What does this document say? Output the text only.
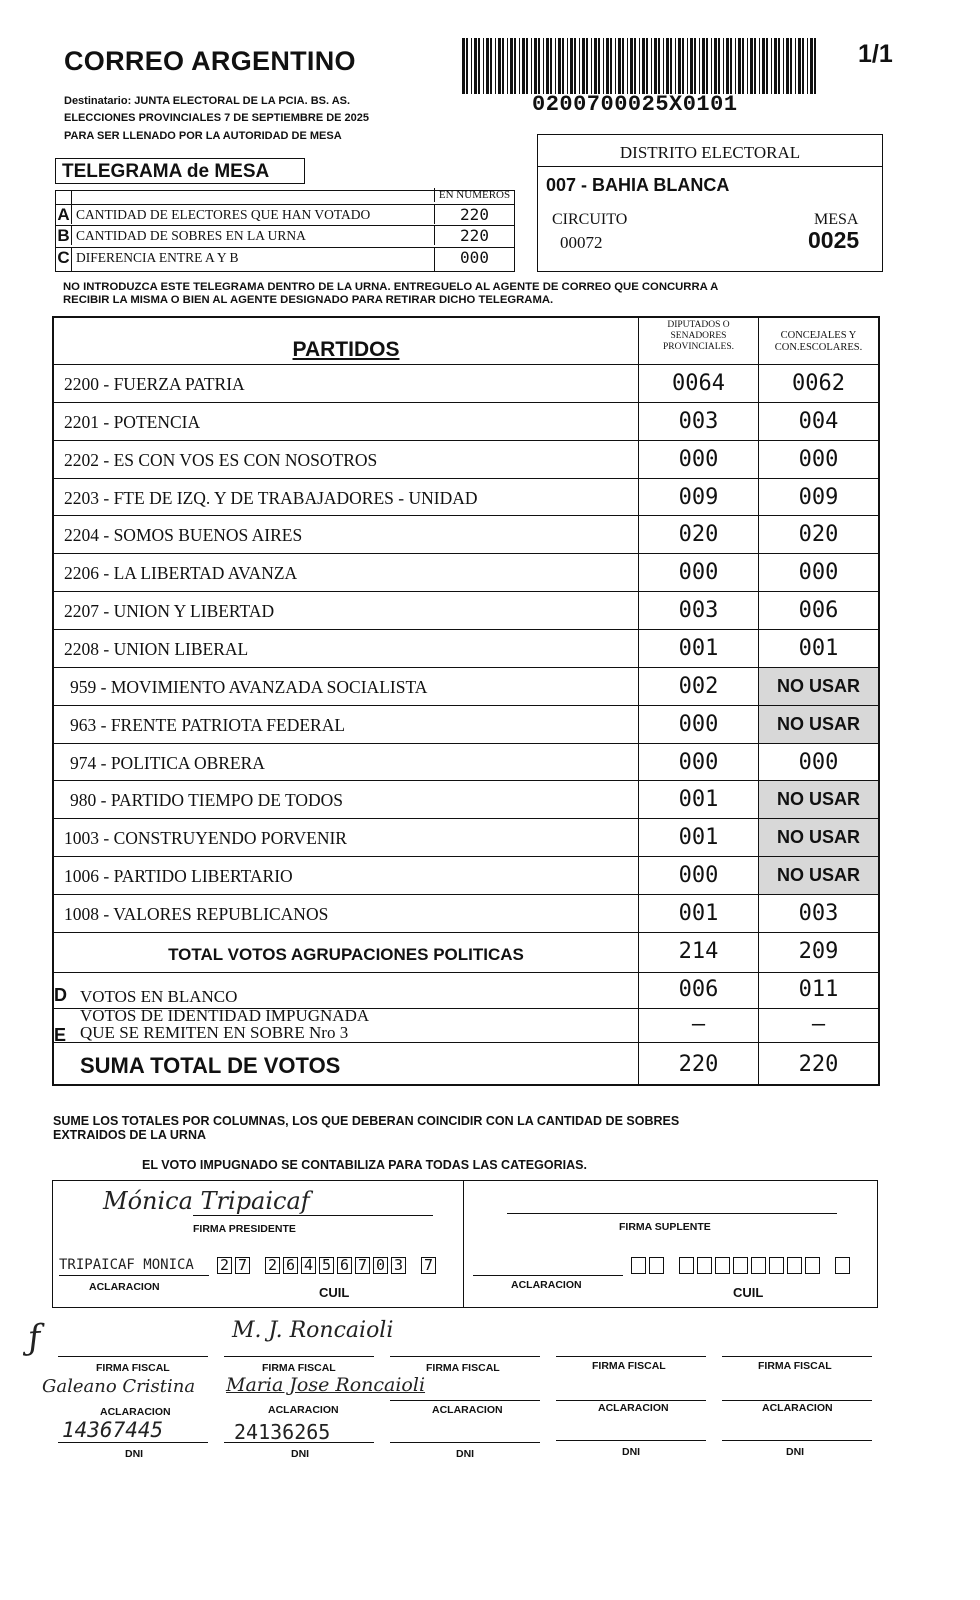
CORREO ARGENTINO
0200700025X0101
1/1
Destinatario: JUNTA ELECTORAL DE LA PCIA. BS. AS.
ELECCIONES PROVINCIALES 7 DE SEPTIEMBRE DE 2025
PARA SER LLENADO POR LA AUTORIDAD DE MESA
TELEGRAMA de MESA
EN NUMEROS
A CANTIDAD DE ELECTORES QUE HAN VOTADO	220
B CANTIDAD DE SOBRES EN LA URNA	220
C DIFERENCIA ENTRE A Y B	000
DISTRITO ELECTORAL
007 - BAHIA BLANCA
CIRCUITO
00072
MESA
0025
NO INTRODUZCA ESTE TELEGRAMA DENTRO DE LA URNA. ENTREGUELO AL AGENTE DE CORREO QUE CONCURRA A
RECIBIR LA MISMA O BIEN AL AGENTE DESIGNADO PARA RETIRAR DICHO TELEGRAMA.
PARTIDOS
DIPUTADOS O
SENADORES
PROVINCIALES.
CONCEJALES Y
CON.ESCOLARES.
2200 - FUERZA PATRIA	0064	0062
2201 - POTENCIA	003	004
2202 - ES CON VOS ES CON NOSOTROS	000	000
2203 - FTE DE IZQ. Y DE TRABAJADORES - UNIDAD	009	009
2204 - SOMOS BUENOS AIRES	020	020
2206 - LA LIBERTAD AVANZA	000	000
2207 - UNION Y LIBERTAD	003	006
2208 - UNION LIBERAL	001	001
959 - MOVIMIENTO AVANZADA SOCIALISTA	002	NO USAR
963 - FRENTE PATRIOTA FEDERAL	000	NO USAR
974 - POLITICA OBRERA	000	000
980 - PARTIDO TIEMPO DE TODOS	001	NO USAR
1003 - CONSTRUYENDO PORVENIR	001	NO USAR
1006 - PARTIDO LIBERTARIO	000	NO USAR
1008 - VALORES REPUBLICANOS	001	003
TOTAL VOTOS AGRUPACIONES POLITICAS	214	209
D VOTOS EN BLANCO	006	011
E
VOTOS DE IDENTIDAD IMPUGNADA
QUE SE REMITEN EN SOBRE Nro 3	—	—
SUMA TOTAL DE VOTOS	220	220
SUME LOS TOTALES POR COLUMNAS, LOS QUE DEBERAN COINCIDIR CON LA CANTIDAD DE SOBRES
EXTRAIDOS DE LA URNA
EL VOTO IMPUGNADO SE CONTABILIZA PARA TODAS LAS CATEGORIAS.
Mónica Tripaicaf
FIRMA PRESIDENTE
TRIPAICAF MONICA
ACLARACION
2 7 2 6 4 5 6 7 0 3 7
CUIL
FIRMA SUPLENTE
ACLARACION	CUIL
ƒ	M. J. Roncaioli
FIRMA FISCAL	FIRMA FISCAL	FIRMA FISCAL	FIRMA FISCAL	FIRMA FISCAL
Galeano Cristina Maria Jose Roncaioli
ACLARACION	ACLARACION	ACLARACION	ACLARACION	ACLARACION
14367445	24136265
DNI	DNI	DNI	DNI	DNI
